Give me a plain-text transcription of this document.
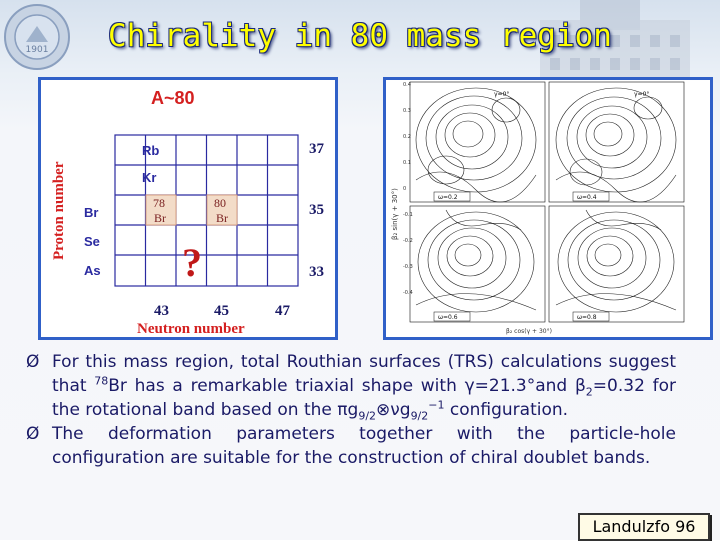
1901	Chirality in 80 mass region
A~80
Proton number
Rb
Kr
Br
Se
As
78
Br
80
Br
?
37
35
33
43	45	47
Neutron number
β₂ sin(γ + 30°)
0.4
0.3
0.2
0.1
0
-0.1
-0.2
-0.3
-0.4
γ=0°	γ=0°
ω=0.2	ω=0.4
ω=0.6	ω=0.8
β₂ cos(γ + 30°)
Ø For this mass region, total Routhian surfaces (TRS) calculations suggest that $^{78}$Br has a remarkable triaxial shape with γ=21.3°and $\beta_2=0.32$ for the rotational band based on the $\pi g_{9/2}\otimes\nu g_{9/2}^{-1}$ configuration.
Ø The deformation parameters together with the particle-hole configuration are suitable for the construction of chiral doublet bands.
Landulzfo 96
